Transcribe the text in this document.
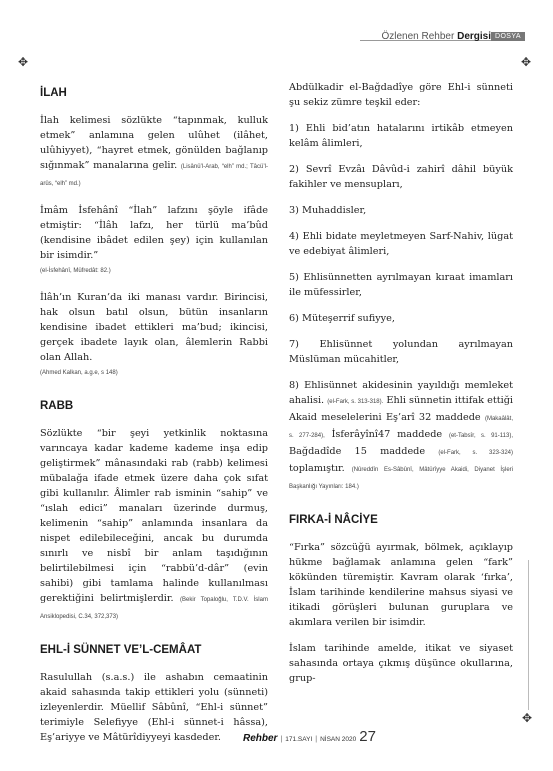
Özlenen Rehber Dergisi DOSYA
✥	✥
✥
İLAH

İlah kelimesi sözlükte “tapınmak, kulluk etmek” anlamına gelen ulûhet (ilâhet, ulûhiyyet), “hayret etmek, gönülden bağlanıp sığınmak” manalarına gelir. (Lisânü’l-Arab, “elh” md.; Tâcü’l-arûs, “elh” md.)

İmâm İsfehânî “İlah” lafzını şöyle ifâde etmiştir: “İlâh lafzı, her türlü ma’bûd (kendisine ibâdet edilen şey) için kullanılan bir isimdir.”
(el-İsfehânî, Müfredât: 82.)

İlâh’ın Kuran’da iki manası vardır. Birincisi, hak olsun batıl olsun, bütün insanların kendisine ibadet ettikleri ma’bud; ikincisi, gerçek ibadete layık olan, âlemlerin Rabbi olan Allah.
(Ahmed Kalkan, a.g.e, s 148)

RABB

Sözlükte “bir şeyi yetkinlik noktasına varıncaya kadar kademe kademe inşa edip geliştirmek” mânasındaki rab (rabb) kelimesi mübalağa ifade etmek üzere daha çok sıfat gibi kullanılır. Âlimler rab isminin “sahip” ve “ıslah edici” manaları üzerinde durmuş, kelimenin “sahip” anlamında insanlara da nispet edilebileceğini, ancak bu durumda sınırlı ve nisbî bir anlam taşıdığının belirtilebilmesi için “rabbü’d-dâr” (evin sahibi) gibi tamlama halinde kullanılması gerektiğini belirtmişlerdir. (Bekir Topaloğlu, T.D.V. İslam Ansiklopedisi, C.34, 372,373)

EHL-İ SÜNNET VE’L-CEMÂAT

Rasulullah (s.a.s.) ile ashabın cemaatinin akaid sahasında takip ettikleri yolu (sünneti) izleyenlerdir. Müellif Sâbûnî, “Ehl-i sünnet” terimiyle Selefiyye (Ehl-i sünnet-i hâssa), Eş’ariyye ve Mâtürîdiyyeyi kasdeder.

Abdülkadir el-Bağdadîye göre Ehl-i sünneti şu sekiz zümre teşkil eder:

1) Ehli bid’atın hatalarını irtikâb etmeyen kelâm âlimleri,

2) Sevrî Evzâı Dâvûd-i zahirî dâhil büyük fakihler ve mensupları,

3) Muhaddisler,

4) Ehli bidate meyletmeyen Sarf-Nahiv, lügat ve edebiyat âlimleri,

5) Ehlisünnetten ayrılmayan kıraat imamları ile müfessirler,

6) Müteşerrif sufiyye,

7) Ehlisünnet yolundan ayrılmayan Müslüman mücahitler,

8) Ehlisünnet akidesinin yayıldığı memleket ahalisi. (el-Fark, s. 313-318). Ehli sünnetin ittifak ettiği Akaid meselelerini Eş’arî 32 maddede (Makaâlât, s. 277-284), İsferâyînî47 maddede (et-Tabsîr, s. 91-113), Bağdadîde 15 maddede (el-Fark, s. 323-324) toplamıştır. (Nûreddîn Es-Sâbûnî, Mâtürîyye Akaidi, Diyanet İşleri Başkanlığı Yayınları: 184.)

FIRKA-İ NÂCİYE

“Fırka” sözcüğü ayırmak, bölmek, açıklayıp hükme bağlamak anlamına gelen “fark” kökünden türemiştir. Kavram olarak ‘fırka’, İslam tarihinde kendilerine mahsus siyasi ve itikadi görüşleri bulunan guruplara ve akımlara verilen bir isimdir.

İslam tarihinde amelde, itikat ve siyaset sahasında ortaya çıkmış düşünce okullarına, grup-

Rehber | 171.SAYI | NİSAN 2020 27
